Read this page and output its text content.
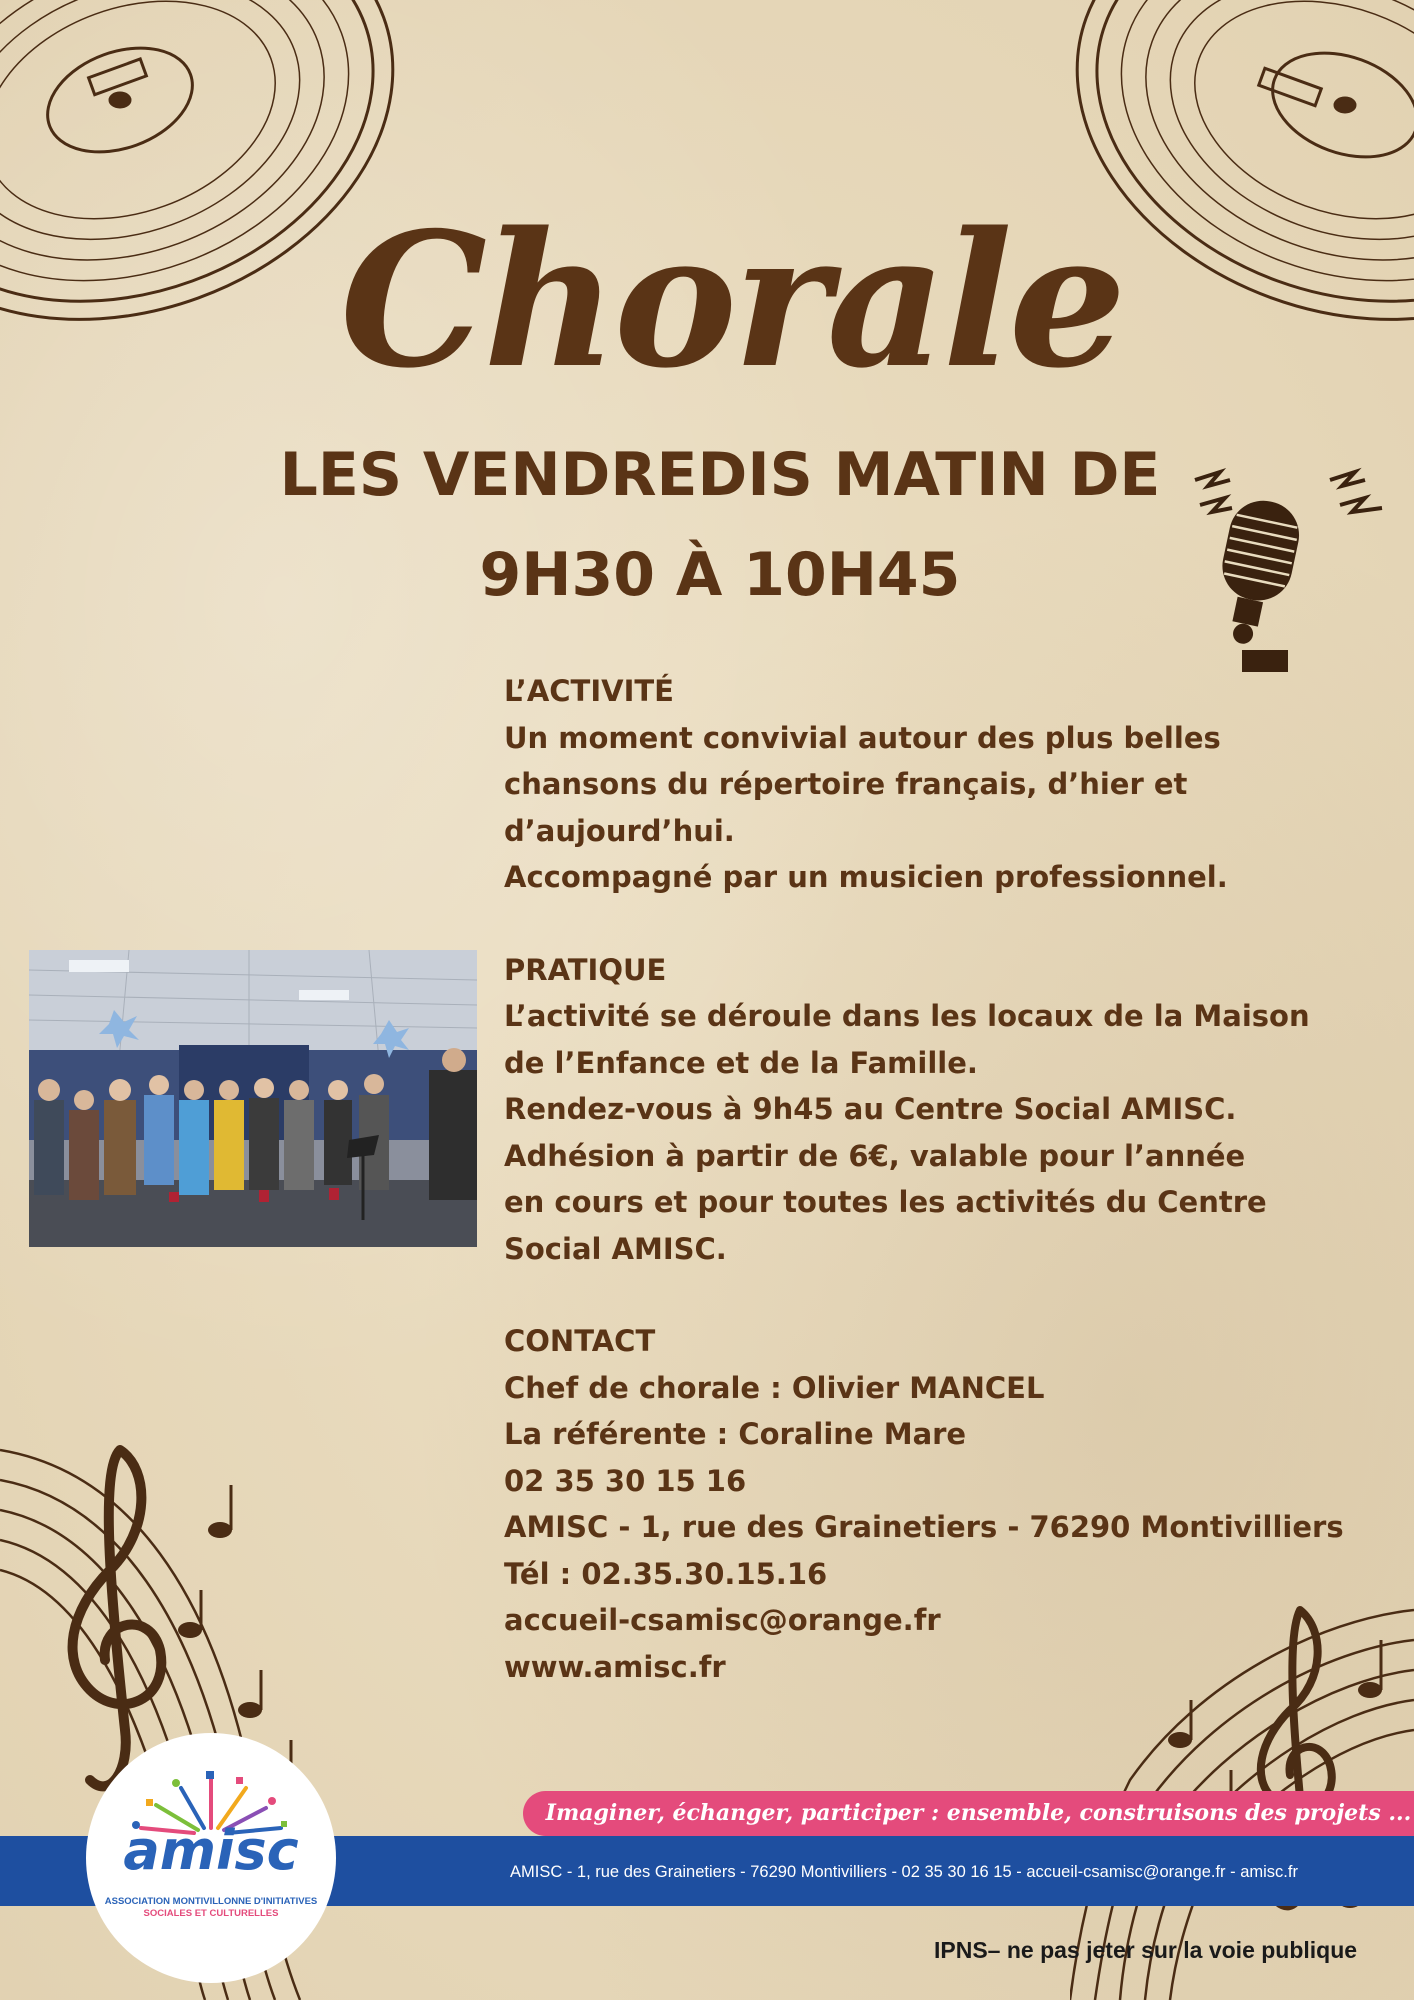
Chorale
LES VENDREDIS MATIN DE
9H30 À 10H45

L’ACTIVITÉ

Un moment convivial autour des plus belles

chansons du répertoire français, d’hier et

d’aujourd’hui.

Accompagné par un musicien professionnel.

PRATIQUE

L’activité se déroule dans les locaux de la Maison

de l’Enfance et de la Famille.

Rendez-vous à 9h45 au Centre Social AMISC.

Adhésion à partir de 6€, valable pour l’année

en cours et pour toutes les activités du Centre

Social AMISC.

CONTACT

Chef de chorale : Olivier MANCEL

La référente : Coraline Mare

02 35 30 15 16

AMISC - 1, rue des Grainetiers - 76290 Montivilliers

Tél : 02.35.30.15.16

accueil-csamisc@orange.fr

www.amisc.fr

Imaginer, échanger, participer : ensemble, construisons des projets ...
AMISC - 1, rue des Grainetiers - 76290 Montivilliers - 02 35 30 16 15 - accueil-csamisc@orange.fr - amisc.fr
amisc
ASSOCIATION MONTIVILLONNE D'INITIATIVES
SOCIALES ET CULTURELLES
IPNS– ne pas jeter sur la voie publique
